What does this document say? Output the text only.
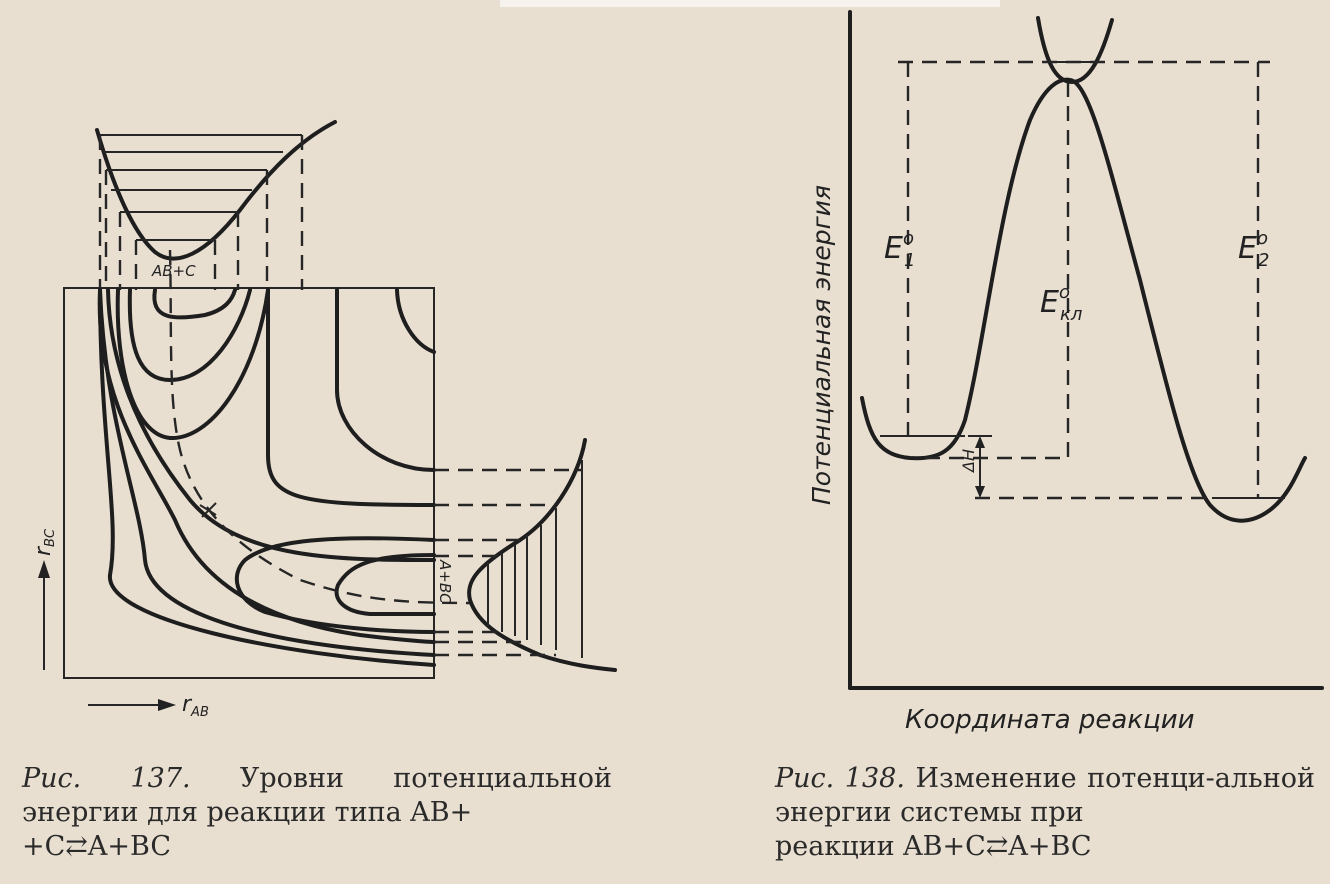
AB+C
A+BC
rBC
$r_{AB}$
ΔH
$E^o$ 1
$E^o$ кл
$E^o$ 2
Потенциальная энергия
Координата реакции
Рис. 137. Уровни потенциальной энергии для реакции типа AB+
+C⇄A+BC
Рис. 138. Изменение потенци-альной энергии системы при
реакции AB+C⇄A+BC
